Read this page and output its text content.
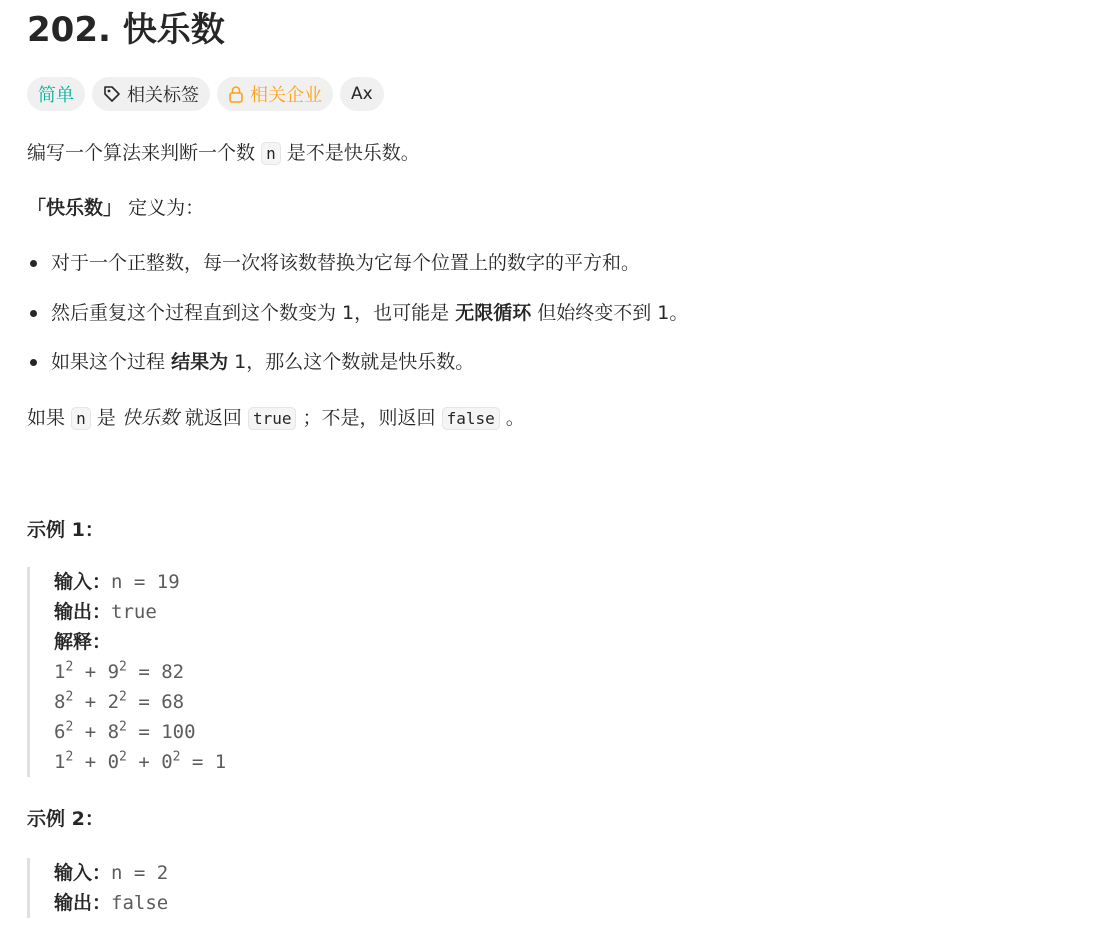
202. 快乐数
简单	相关标签	相关企业 Ax

编写一个算法来判断一个数 n 是不是快乐数。

「快乐数」 定义为：

对于一个正整数，每一次将该数替换为它每个位置上的数字的平方和。
然后重复这个过程直到这个数变为 1，也可能是
无限循环
但始终变不到 1。
如果这个过程
结果为
1，那么这个数就是快乐数。

如果 n 是 快乐数 就返回 true ；不是，则返回 false 。

示例 1：

输入：n = 19
输出：true
解释：
$1^2 + 9^2 = 82$
$8^2 + 2^2 = 68$
$6^2 + 8^2 = 100$
$1^2 + 0^2 + 0^2 = 1$

示例 2：

输入：n = 2
输出：false
